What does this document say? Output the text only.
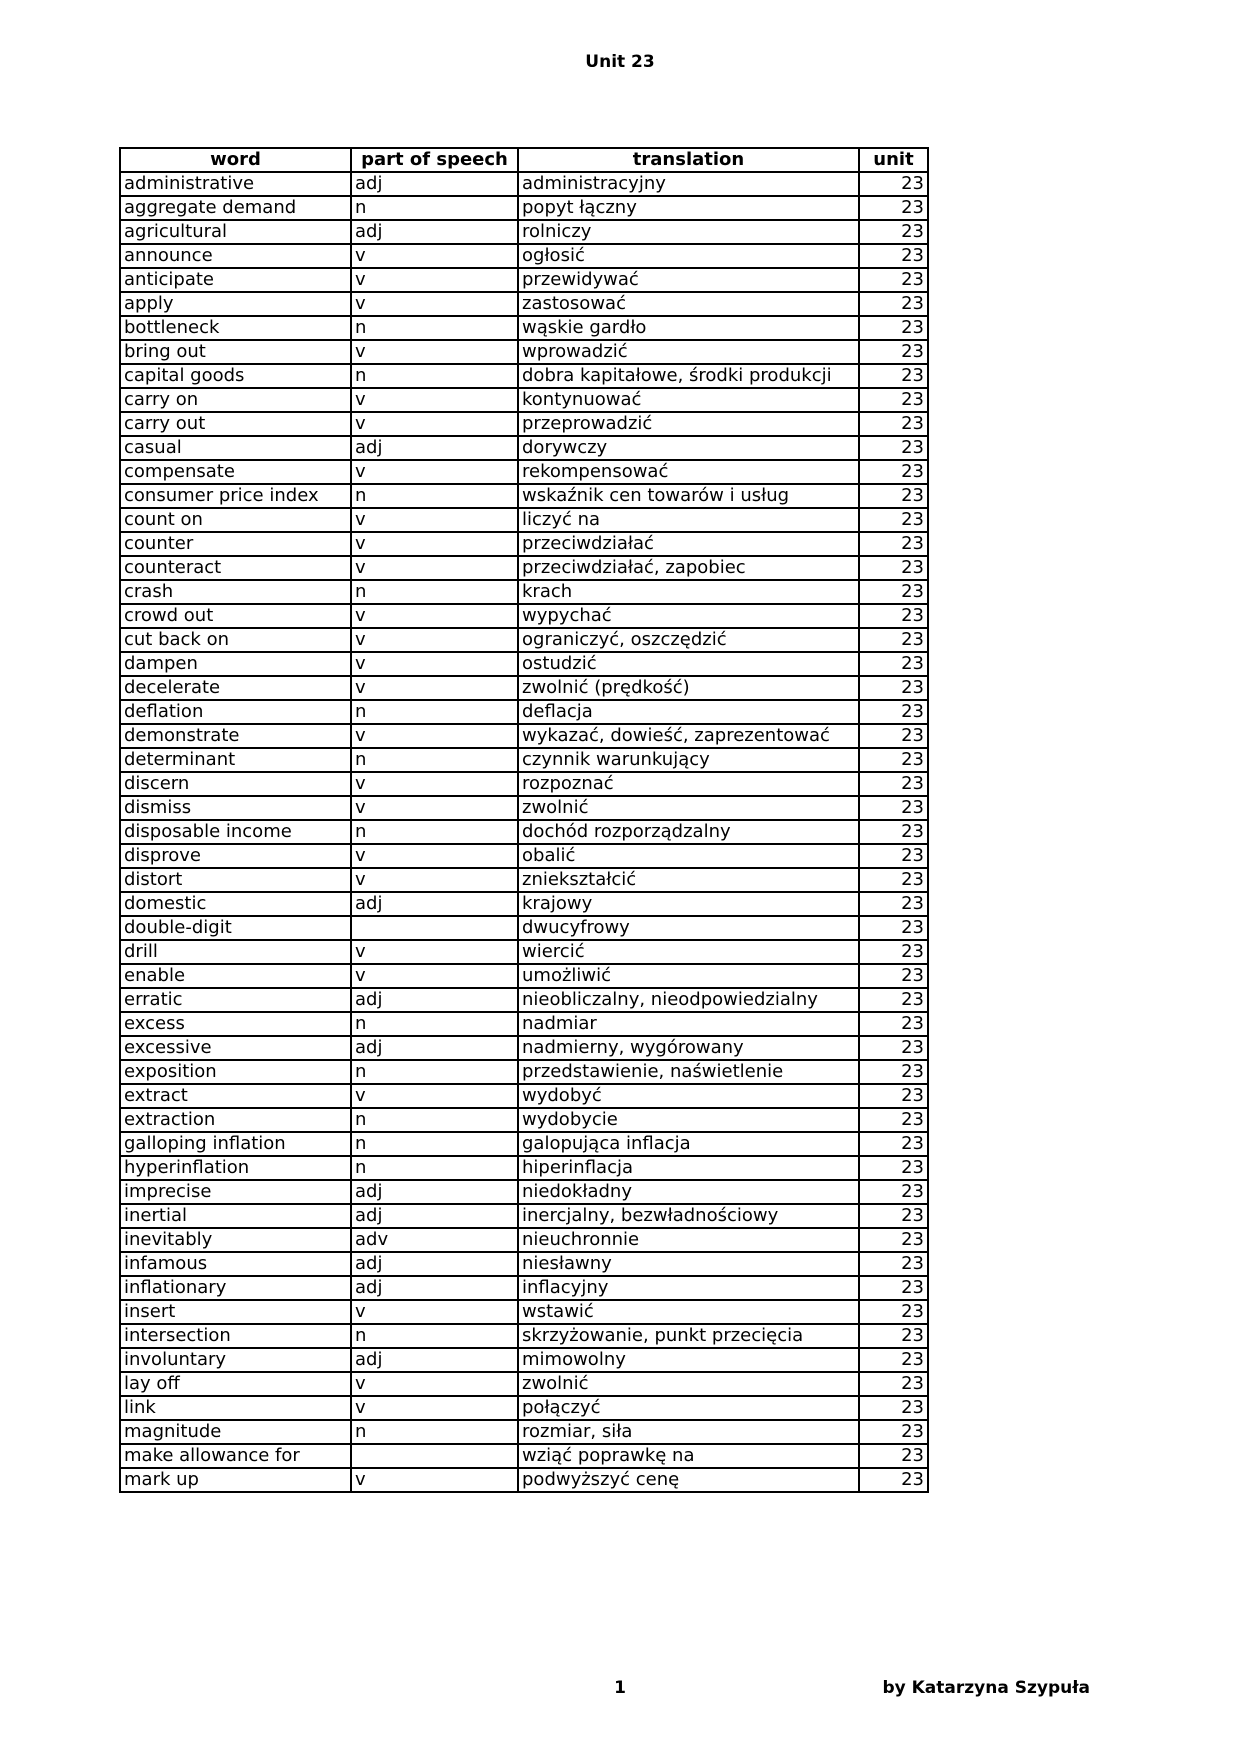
Unit 23
word	part of speech	translation	unit
administrative	adj	administracyjny	23
aggregate demand	n	popyt łączny	23
agricultural	adj	rolniczy	23
announce	v	ogłosić	23
anticipate	v	przewidywać	23
apply	v	zastosować	23
bottleneck	n	wąskie gardło	23
bring out	v	wprowadzić	23
capital goods	n	dobra kapitałowe, środki produkcji	23
carry on	v	kontynuować	23
carry out	v	przeprowadzić	23
casual	adj	dorywczy	23
compensate	v	rekompensować	23
consumer price index	n	wskaźnik cen towarów i usług	23
count on	v	liczyć na	23
counter	v	przeciwdziałać	23
counteract	v	przeciwdziałać, zapobiec	23
crash	n	krach	23
crowd out	v	wypychać	23
cut back on	v	ograniczyć, oszczędzić	23
dampen	v	ostudzić	23
decelerate	v	zwolnić (prędkość)	23
deflation	n	deflacja	23
demonstrate	v	wykazać, dowieść, zaprezentować	23
determinant	n	czynnik warunkujący	23
discern	v	rozpoznać	23
dismiss	v	zwolnić	23
disposable income	n	dochód rozporządzalny	23
disprove	v	obalić	23
distort	v	zniekształcić	23
domestic	adj	krajowy	23
double-digit		dwucyfrowy	23
drill	v	wiercić	23
enable	v	umożliwić	23
erratic	adj	nieobliczalny, nieodpowiedzialny	23
excess	n	nadmiar	23
excessive	adj	nadmierny, wygórowany	23
exposition	n	przedstawienie, naświetlenie	23
extract	v	wydobyć	23
extraction	n	wydobycie	23
galloping inflation	n	galopująca inflacja	23
hyperinflation	n	hiperinflacja	23
imprecise	adj	niedokładny	23
inertial	adj	inercjalny, bezwładnościowy	23
inevitably	adv	nieuchronnie	23
infamous	adj	niesławny	23
inflationary	adj	inflacyjny	23
insert	v	wstawić	23
intersection	n	skrzyżowanie, punkt przecięcia	23
involuntary	adj	mimowolny	23
lay off	v	zwolnić	23
link	v	połączyć	23
magnitude	n	rozmiar, siła	23
make allowance for		wziąć poprawkę na	23
mark up	v	podwyższyć cenę	23
1	by Katarzyna Szypuła
